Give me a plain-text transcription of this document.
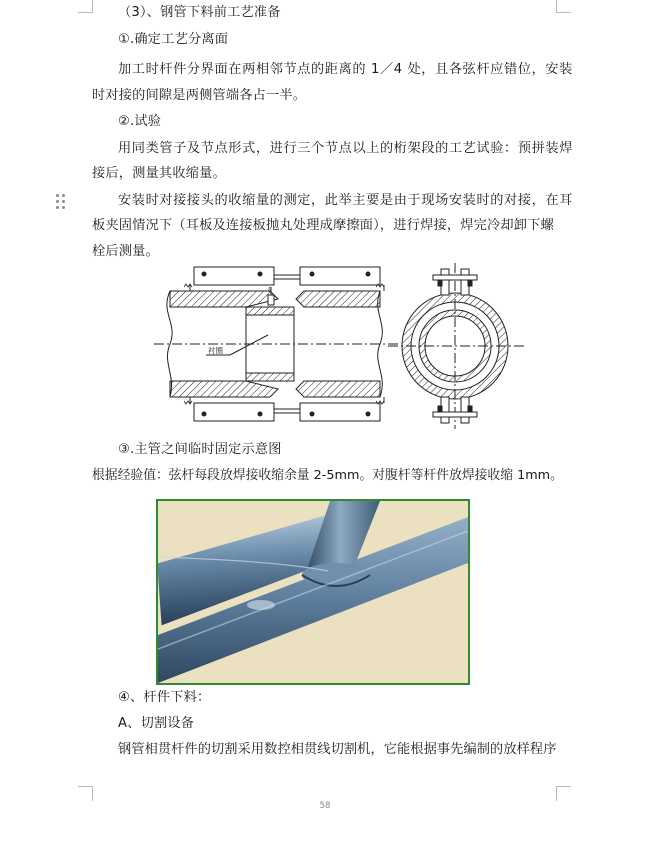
（3）、钢管下料前工艺准备
①.确定工艺分离面
加工时杆件分界面在两相邻节点的距离的 1／4 处，且各弦杆应错位，安装
时对接的间隙是两侧管端各占一半。
②.试验
用同类管子及节点形式，进行三个节点以上的桁架段的工艺试验：预拼装焊
接后，测量其收缩量。
安装时对接接头的收缩量的测定，此举主要是由于现场安装时的对接，在耳
板夹固情况下（耳板及连接板抛丸处理成摩擦面），进行焊接，焊完冷却卸下螺
栓后测量。
5
衬圈
③.主管之间临时固定示意图
根据经验值：弦杆每段放焊接收缩余量 2-5mm。对腹杆等杆件放焊接收缩 1mm。
④、杆件下料：
A、切割设备
钢管相贯杆件的切割采用数控相贯线切割机，它能根据事先编制的放样程序
58
